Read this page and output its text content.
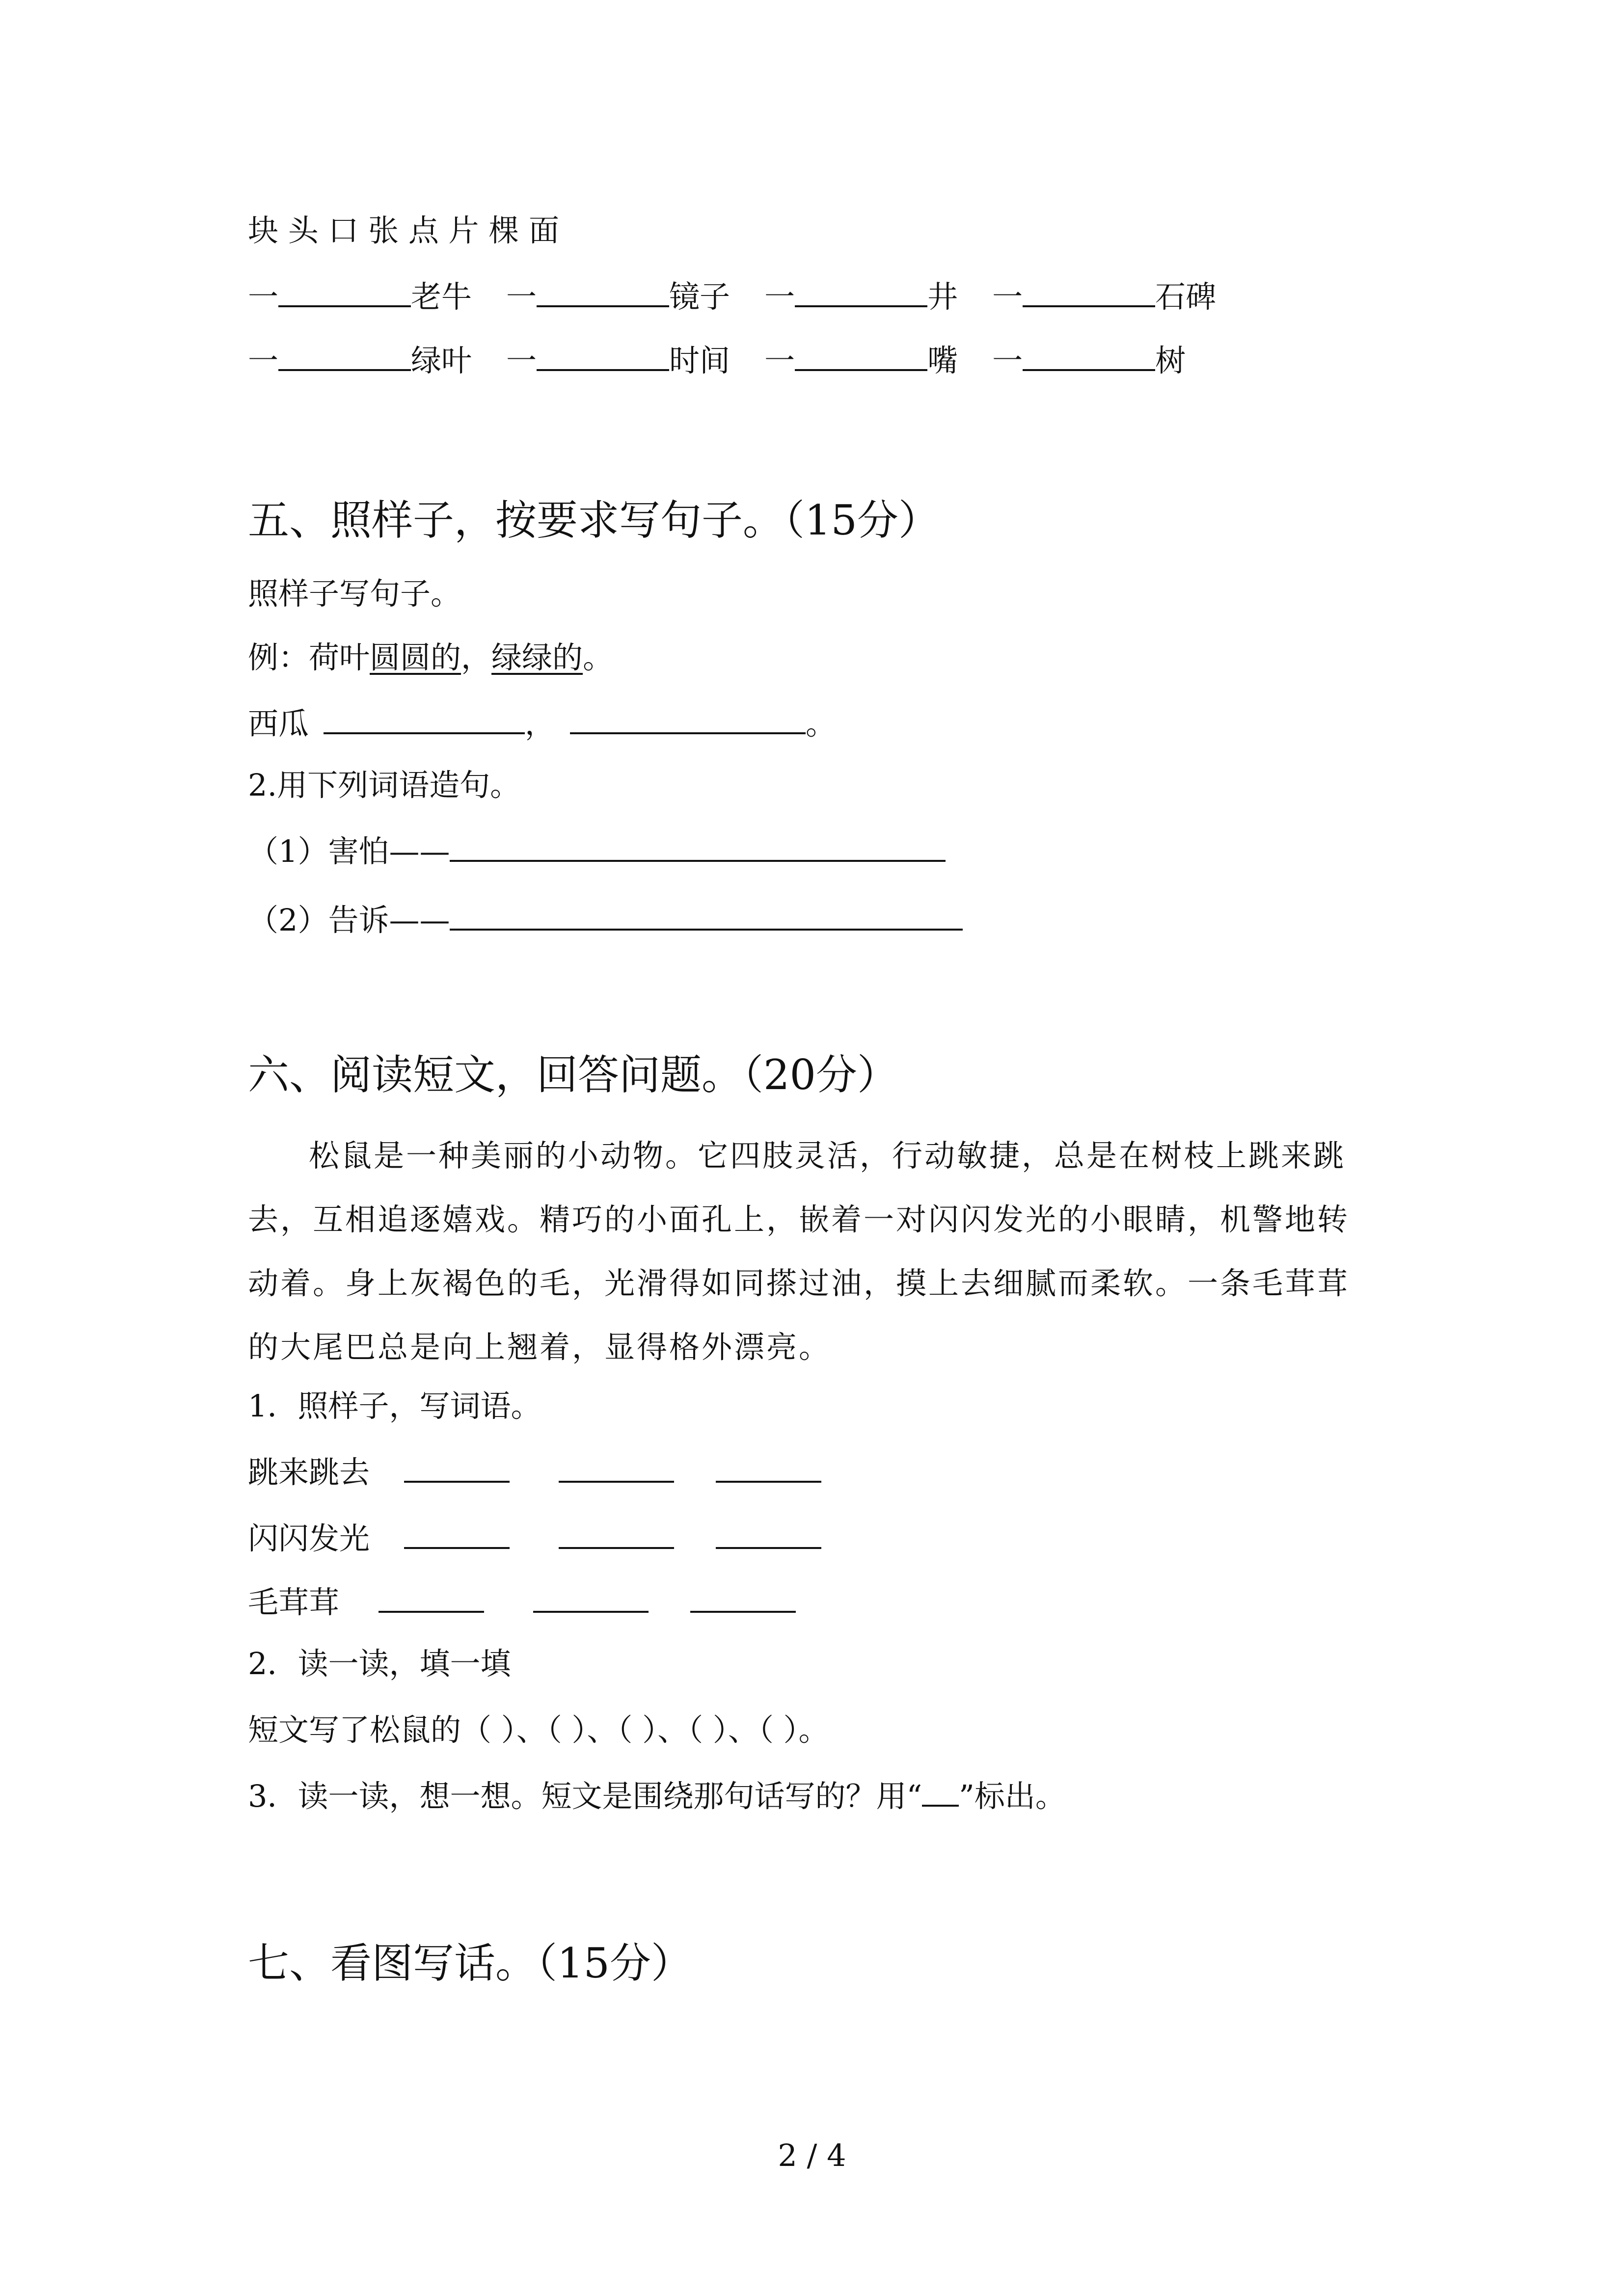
块 头 口 张 点 片 棵 面
一	老牛 一	镜子 一	井 一	石碑
一	绿叶 一	时间 一	嘴 一	树
五、照样子，按要求写句子。（15分）
照样子写句子。
例：荷叶圆圆的，绿绿的。
西瓜	，	。
2.用下列词语造句。
（1）害怕——
（2）告诉——
六、阅读短文，回答问题。（20分）

松鼠是一种美丽的小动物。它四肢灵活，行动敏捷，总是在树枝上跳来跳去，互相追逐嬉戏。精巧的小面孔上，嵌着一对闪闪发光的小眼睛，机警地转动着。身上灰褐色的毛，光滑得如同搽过油，摸上去细腻而柔软。一条毛茸茸的大尾巴总是向上翘着，显得格外漂亮。

1．照样子，写词语。
跳来跳去
闪闪发光
毛茸茸
2．读一读，填一填
短文写了松鼠的（ ）、（ ）、（ ）、（ ）、（ ）。
3．读一读，想一想。短文是围绕那句话写的？用“ ”标出。
七、看图写话。（15分）
2 / 4
